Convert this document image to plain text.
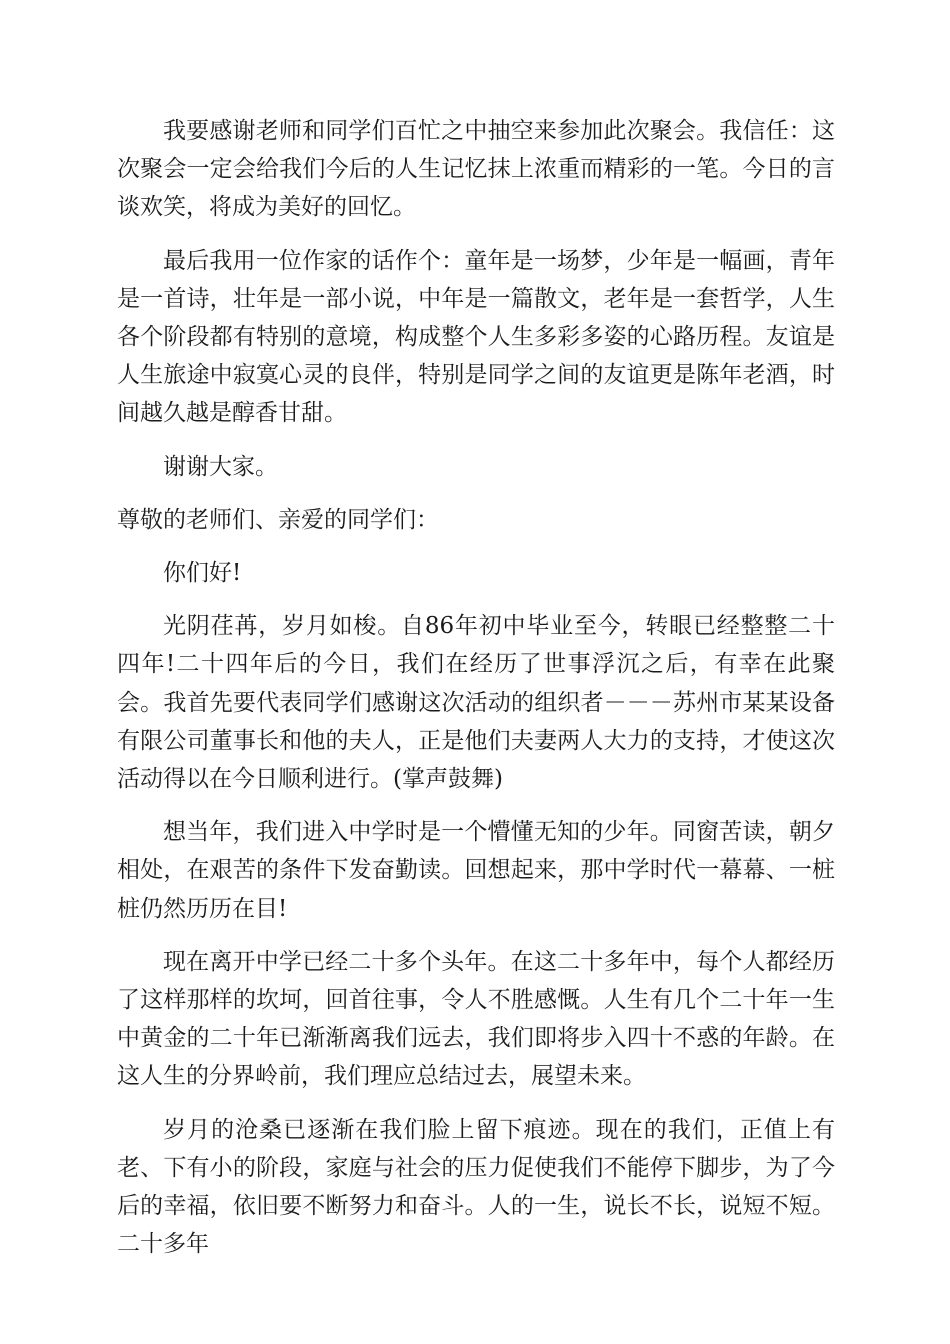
我要感谢老师和同学们百忙之中抽空来参加此次聚会。我信任：这次聚会一定会给我们今后的人生记忆抹上浓重而精彩的一笔。今日的言谈欢笑，将成为美好的回忆。

最后我用一位作家的话作个：童年是一场梦，少年是一幅画，青年是一首诗，壮年是一部小说，中年是一篇散文，老年是一套哲学，人生各个阶段都有特别的意境，构成整个人生多彩多姿的心路历程。友谊是人生旅途中寂寞心灵的良伴，特别是同学之间的友谊更是陈年老酒，时间越久越是醇香甘甜。

谢谢大家。

尊敬的老师们、亲爱的同学们：

你们好!

光阴荏苒，岁月如梭。自86年初中毕业至今，转眼已经整整二十四年!二十四年后的今日，我们在经历了世事浮沉之后，有幸在此聚会。我首先要代表同学们感谢这次活动的组织者－－－苏州市某某设备有限公司董事长和他的夫人，正是他们夫妻两人大力的支持，才使这次活动得以在今日顺利进行。(掌声鼓舞)

想当年，我们进入中学时是一个懵懂无知的少年。同窗苦读，朝夕相处，在艰苦的条件下发奋勤读。回想起来，那中学时代一幕幕、一桩桩仍然历历在目!

现在离开中学已经二十多个头年。在这二十多年中，每个人都经历了这样那样的坎坷，回首往事，令人不胜感慨。人生有几个二十年一生中黄金的二十年已渐渐离我们远去，我们即将步入四十不惑的年龄。在这人生的分界岭前，我们理应总结过去，展望未来。

岁月的沧桑已逐渐在我们脸上留下痕迹。现在的我们，正值上有老、下有小的阶段，家庭与社会的压力促使我们不能停下脚步，为了今后的幸福，依旧要不断努力和奋斗。人的一生，说长不长，说短不短。二十多年
